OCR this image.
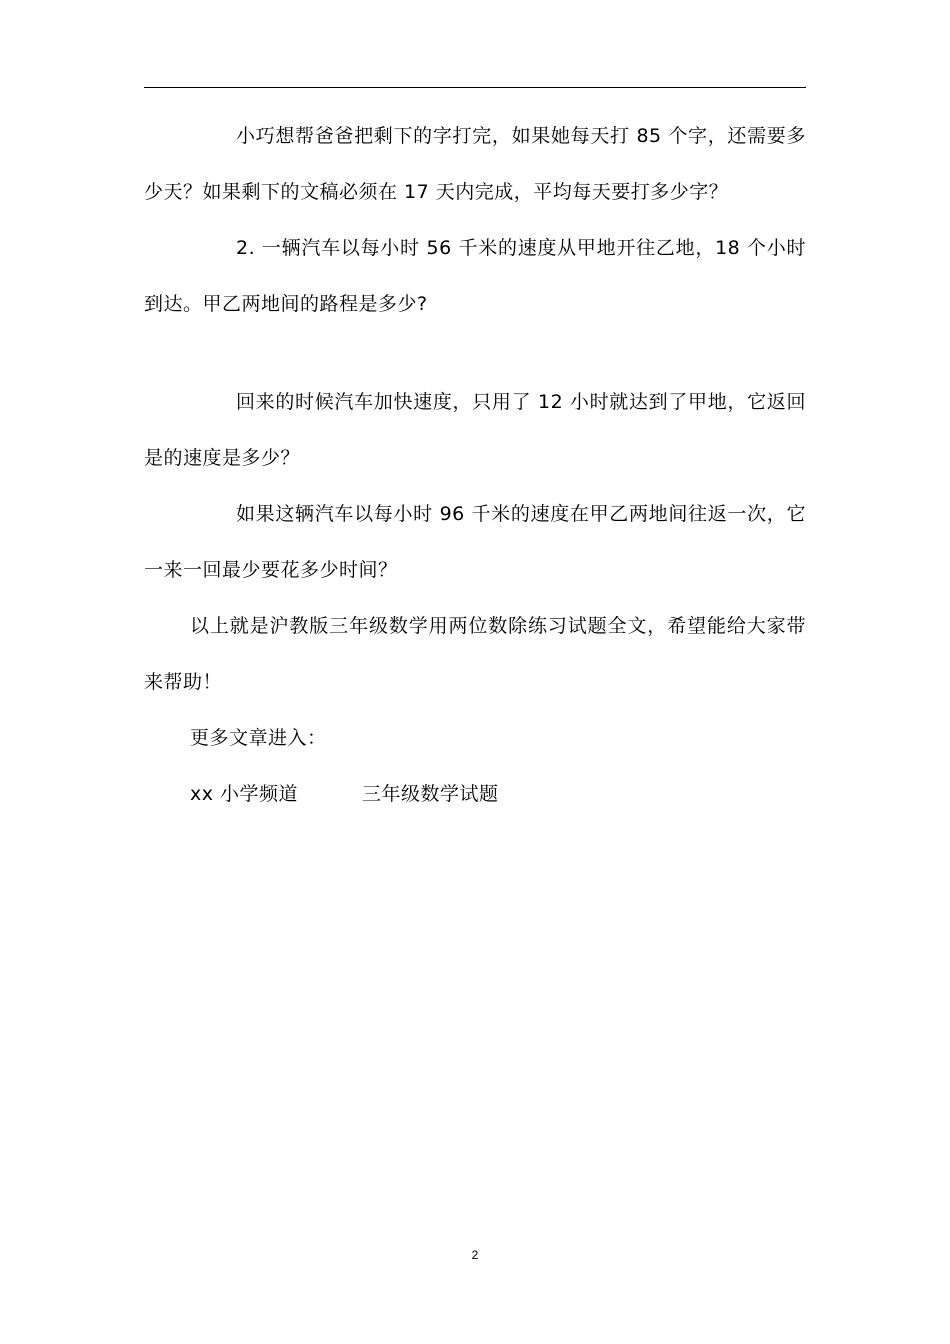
小巧想帮爸爸把剩下的字打完，如果她每天打 85 个字，还需要多少天？如果剩下的文稿必须在 17 天内完成，平均每天要打多少字？

2. 一辆汽车以每小时 56 千米的速度从甲地开往乙地，18 个小时到达。甲乙两地间的路程是多少?

回来的时候汽车加快速度，只用了 12 小时就达到了甲地，它返回是的速度是多少？

如果这辆汽车以每小时 96 千米的速度在甲乙两地间往返一次，它一来一回最少要花多少时间？

以上就是沪教版三年级数学用两位数除练习试题全文，希望能给大家带来帮助！

更多文章进入：

xx 小学频道	三年级数学试题

2
